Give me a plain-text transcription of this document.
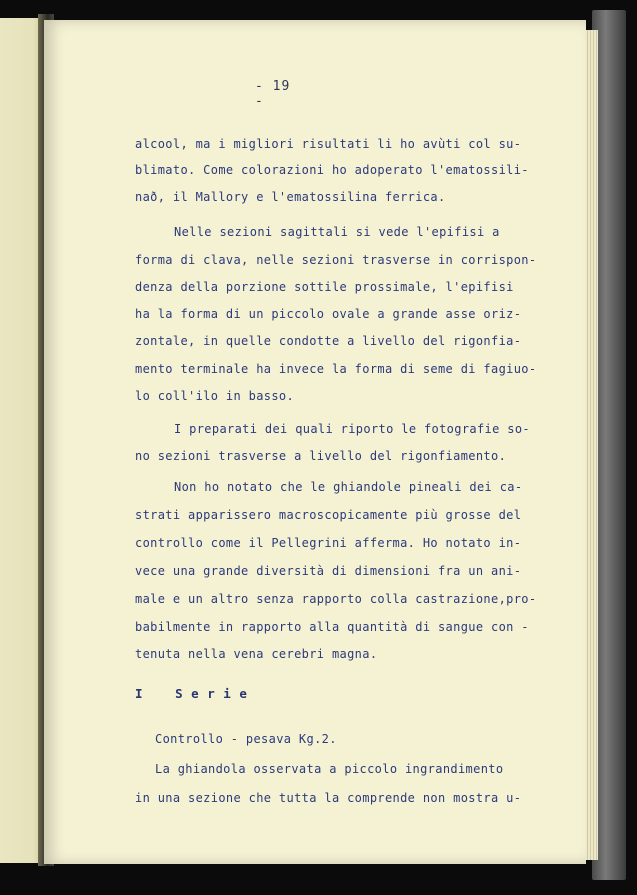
- 19 -
alcool, ma i migliori risultati li ho avùti col su-
blimato. Come colorazioni ho adoperato l'ematossili-
nað, il Mallory e l'ematossilina ferrica.
Nelle sezioni sagittali si vede l'epifisi a
forma di clava, nelle sezioni trasverse in corrispon-
denza della porzione sottile prossimale, l'epifisi
ha la forma di un piccolo ovale a grande asse oriz-
zontale, in quelle condotte a livello del rigonfia-
mento terminale ha invece la forma di seme di fagiuo-
lo coll'ilo in basso.
I preparati dei quali riporto le fotografie so-
no sezioni trasverse a livello del rigonfiamento.
Non ho notato che le ghiandole pineali dei ca-
strati apparissero macroscopicamente più grosse del
controllo come il Pellegrini afferma. Ho notato in-
vece una grande diversità di dimensioni fra un ani-
male e un altro senza rapporto colla castrazione,pro-
babilmente in rapporto alla quantità di sangue con -
tenuta nella vena cerebri magna.
I    S e r i e
Controllo - pesava Kg.2.
La ghiandola osservata a piccolo ingrandimento
in una sezione che tutta la comprende non mostra u-
